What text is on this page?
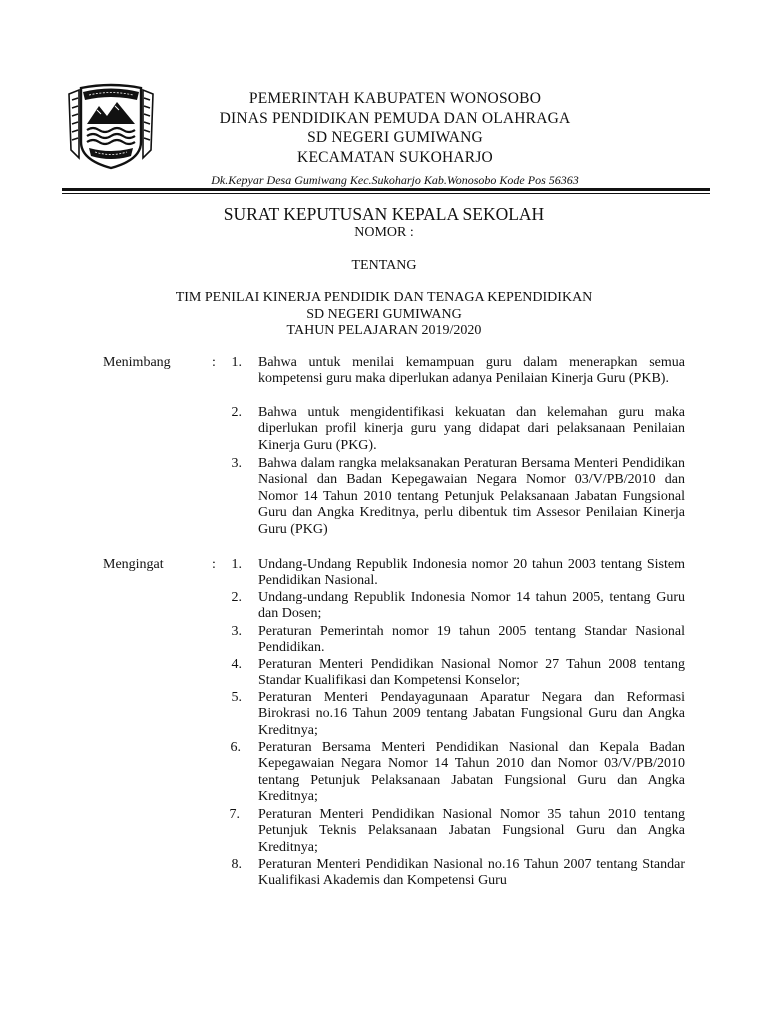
PEMERINTAH KABUPATEN WONOSOBO
DINAS PENDIDIKAN PEMUDA DAN OLAHRAGA
SD NEGERI GUMIWANG
KECAMATAN SUKOHARJO
Dk.Kepyar Desa Gumiwang Kec.Sukoharjo Kab.Wonosobo Kode Pos 56363
SURAT KEPUTUSAN KEPALA SEKOLAH
NOMOR :
TENTANG
TIM PENILAI KINERJA PENDIDIK DAN TENAGA KEPENDIDIKAN
SD NEGERI GUMIWANG
TAHUN PELAJARAN 2019/2020
Menimbang	:	1. Bahwa untuk menilai kemampuan guru dalam menerapkan semua kompetensi guru maka diperlukan adanya Penilaian Kinerja Guru (PKB).
2. Bahwa untuk mengidentifikasi kekuatan dan kelemahan guru maka diperlukan profil kinerja guru yang didapat dari pelaksanaan Penilaian Kinerja Guru (PKG).
3. Bahwa dalam rangka melaksanakan Peraturan Bersama Menteri Pendidikan Nasional dan Badan Kepegawaian Negara Nomor 03/V/PB/2010 dan Nomor 14 Tahun 2010 tentang Petunjuk Pelaksanaan Jabatan Fungsional Guru dan Angka Kreditnya, perlu dibentuk tim Assesor Penilaian Kinerja Guru (PKG)
Mengingat	:	1. Undang-Undang Republik Indonesia nomor 20 tahun 2003 tentang Sistem Pendidikan Nasional.
2. Undang-undang Republik Indonesia Nomor 14 tahun 2005, tentang Guru dan Dosen;
3. Peraturan Pemerintah nomor 19 tahun 2005 tentang Standar Nasional Pendidikan.
4. Peraturan Menteri Pendidikan Nasional Nomor 27 Tahun 2008 tentang Standar Kualifikasi dan Kompetensi Konselor;
5. Peraturan Menteri Pendayagunaan Aparatur Negara dan Reformasi Birokrasi no.16 Tahun 2009 tentang Jabatan Fungsional Guru dan Angka Kreditnya;
6. Peraturan Bersama Menteri Pendidikan Nasional dan Kepala Badan Kepegawaian Negara Nomor 14 Tahun 2010 dan Nomor 03/V/PB/2010 tentang Petunjuk Pelaksanaan Jabatan Fungsional Guru dan Angka Kreditnya;
7. Peraturan Menteri Pendidikan Nasional Nomor 35 tahun 2010 tentang Petunjuk Teknis Pelaksanaan Jabatan Fungsional Guru dan Angka Kreditnya;
8. Peraturan Menteri Pendidikan Nasional no.16 Tahun 2007 tentang Standar Kualifikasi Akademis dan Kompetensi Guru
